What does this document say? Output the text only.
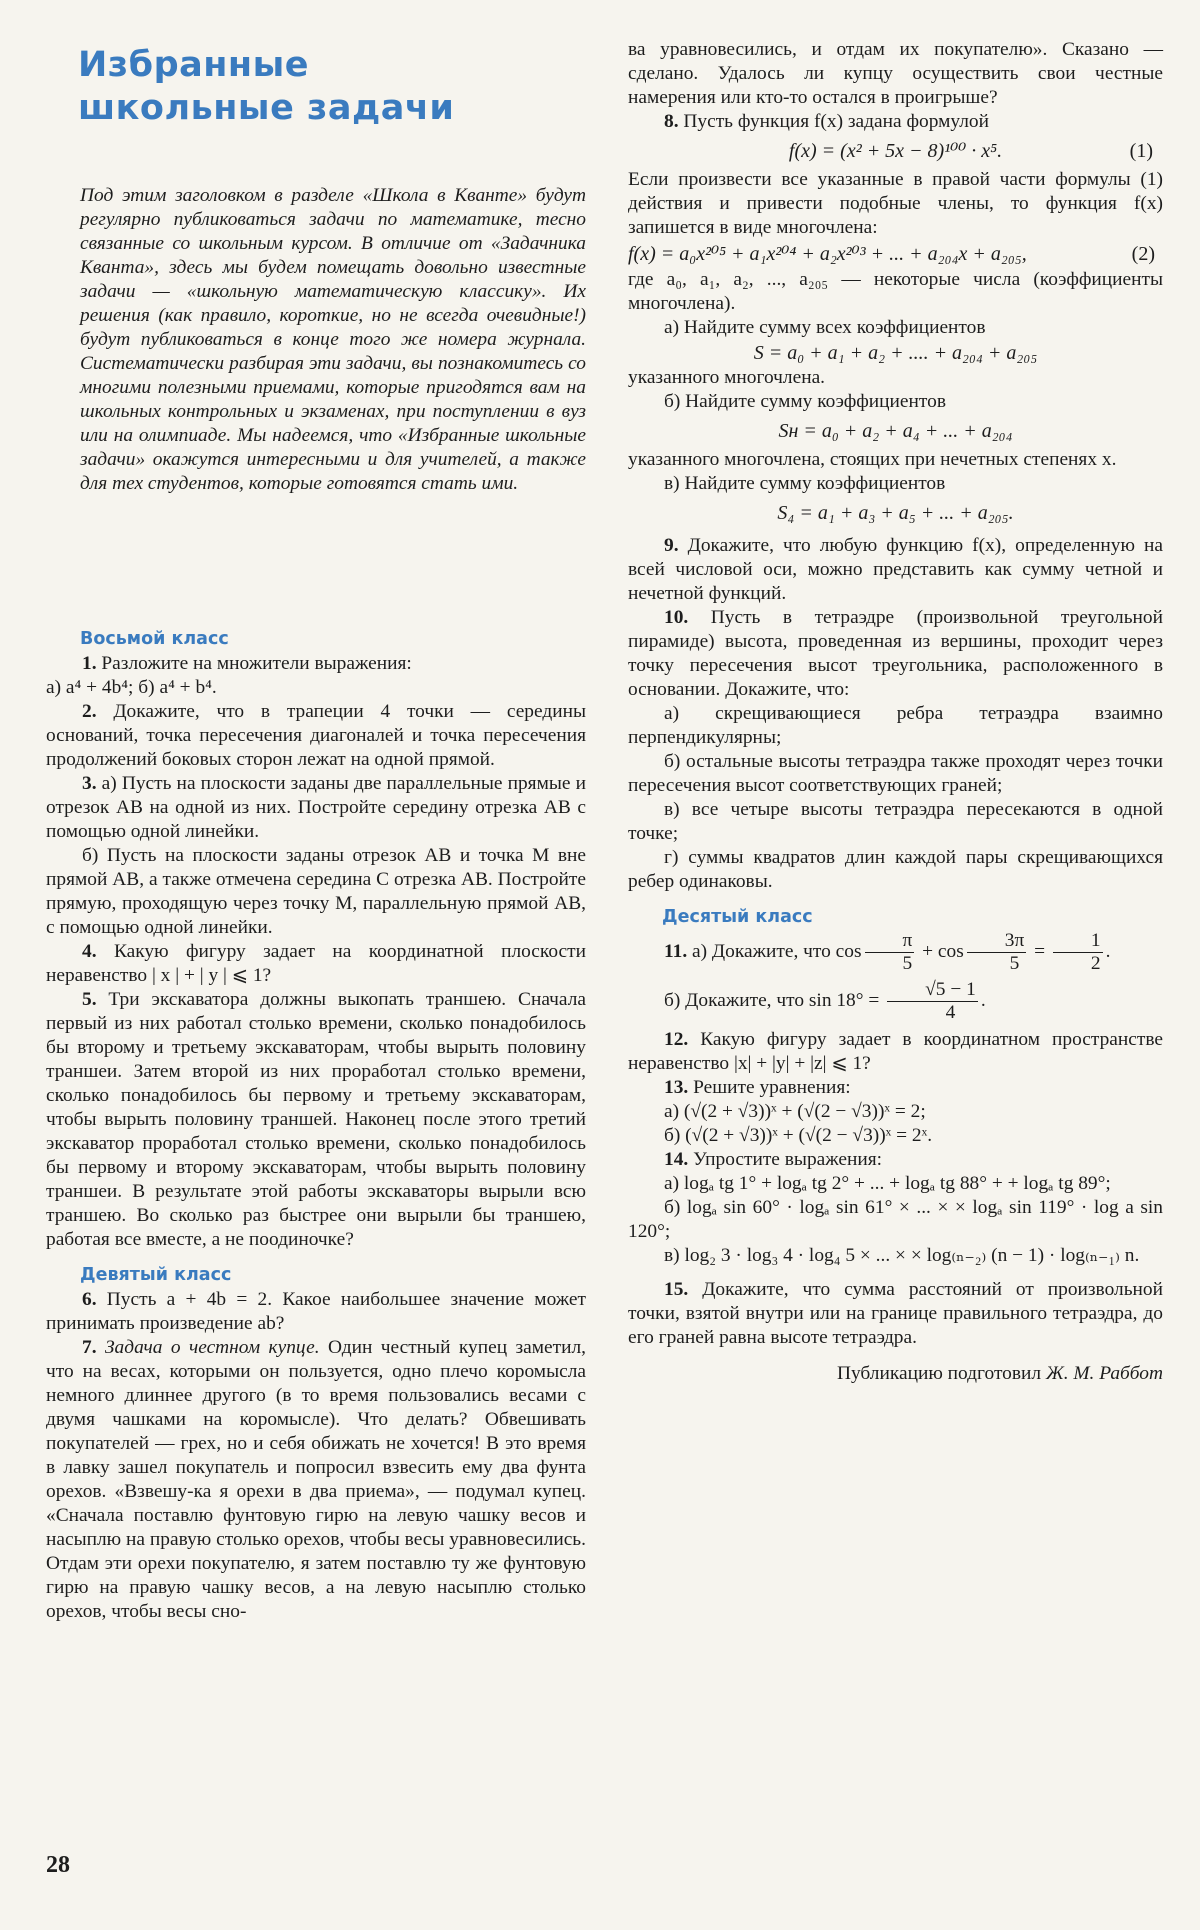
Избранные
школьные задачи

Под этим заголовком в разделе «Школа в Кванте» будут регулярно публиковаться задачи по математике, тесно связанные со школьным курсом. В отличие от «Задачника Кванта», здесь мы будем помещать довольно известные задачи — «школьную математическую классику». Их решения (как правило, короткие, но не всегда очевидные!) будут публиковаться в конце того же номера журнала. Систематически разбирая эти задачи, вы познакомитесь со многими полезными приемами, которые пригодятся вам на школьных контрольных и экзаменах, при поступлении в вуз или на олимпиаде. Мы надеемся, что «Избранные школьные задачи» окажутся интересными и для учителей, а также для тех студентов, которые готовятся стать ими.

Восьмой класс

1. Разложите на множители выражения:

а) a⁴ + 4b⁴; б) a⁴ + b⁴.

2. Докажите, что в трапеции 4 точки — середины оснований, точка пересечения диагоналей и точка пересечения продолжений боковых сторон лежат на одной прямой.

3. а) Пусть на плоскости заданы две параллельные прямые и отрезок AB на одной из них. Постройте середину отрезка AB с помощью одной линейки.

б) Пусть на плоскости заданы отрезок AB и точка M вне прямой AB, а также отмечена середина C отрезка AB. Постройте прямую, проходящую через точку M, параллельную прямой AB, с помощью одной линейки.

4. Какую фигуру задает на координатной плоскости неравенство | x | + | y | ⩽ 1?

5. Три экскаватора должны выкопать траншею. Сначала первый из них работал столько времени, сколько понадобилось бы второму и третьему экскаваторам, чтобы вырыть половину траншеи. Затем второй из них проработал столько времени, сколько понадобилось бы первому и третьему экскаваторам, чтобы вырыть половину траншей. Наконец после этого третий экскаватор проработал столько времени, сколько понадобилось бы первому и второму экскаваторам, чтобы вырыть половину траншеи. В результате этой работы экскаваторы вырыли всю траншею. Во сколько раз быстрее они вырыли бы траншею, работая все вместе, а не поодиночке?

Девятый класс

6. Пусть a + 4b = 2. Какое наибольшее значение может принимать произведение ab?

7. Задача о честном купце. Один честный купец заметил, что на весах, которыми он пользуется, одно плечо коромысла немного длиннее другого (в то время пользовались весами с двумя чашками на коромысле). Что делать? Обвешивать покупателей — грех, но и себя обижать не хочется! В это время в лавку зашел покупатель и попросил взвесить ему два фунта орехов. «Взвешу-ка я орехи в два приема», — подумал купец. «Сначала поставлю фунтовую гирю на левую чашку весов и насыплю на правую столько орехов, чтобы весы уравновесились. Отдам эти орехи покупателю, я затем поставлю ту же фунтовую гирю на правую чашку весов, а на левую насыплю столько орехов, чтобы весы сно-

ва уравновесились, и отдам их покупателю». Сказано — сделано. Удалось ли купцу осуществить свои честные намерения или кто-то остался в проигрыше?

8. Пусть функция f(x) задана формулой

f(x) = (x² + 5x − 8)¹⁰⁰ · x⁵.	(1)

Если произвести все указанные в правой части формулы (1) действия и привести подобные члены, то функция f(x) запишется в виде многочлена:

f(x) = a₀x²⁰⁵ + a₁x²⁰⁴ + a₂x²⁰³ + ... + a₂₀₄x + a₂₀₅,	(2)

где a₀, a₁, a₂, ..., a₂₀₅ — некоторые числа (коэффициенты многочлена).

а) Найдите сумму всех коэффициентов

S = a₀ + a₁ + a₂ + .... + a₂₀₄ + a₂₀₅

указанного многочлена.

б) Найдите сумму коэффициентов

Sн = a₀ + a₂ + a₄ + ... + a₂₀₄

указанного многочлена, стоящих при нечетных степенях x.

в) Найдите сумму коэффициентов

S₄ = a₁ + a₃ + a₅ + ... + a₂₀₅.

9. Докажите, что любую функцию f(x), определенную на всей числовой оси, можно представить как сумму четной и нечетной функций.

10. Пусть в тетраэдре (произвольной треугольной пирамиде) высота, проведенная из вершины, проходит через точку пересечения высот треугольника, расположенного в основании. Докажите, что:

а) скрещивающиеся ребра тетраэдра взаимно перпендикулярны;

б) остальные высоты тетраэдра также проходят через точки пересечения высот соответствующих граней;

в) все четыре высоты тетраэдра пересекаются в одной точке;

г) суммы квадратов длин каждой пары скрещивающихся ребер одинаковы.

Десятый класс

11. а) Докажите, что $\cos \frac{\pi}{5} + \cos \frac{3\pi}{5} = \frac{1}{2}$ .

б) Докажите, что $\sin 18^\circ = \frac{√5 - 1}{4}$ .

12. Какую фигуру задает в координатном пространстве неравенство |x| + |y| + |z| ⩽ 1?

13. Решите уравнения:

а) (√(2 + √3))ˣ + (√(2 − √3))ˣ = 2;

б) (√(2 + √3))ˣ + (√(2 − √3))ˣ = 2ˣ.

14. Упростите выражения:

а) logₐ tg 1° + logₐ tg 2° + ... + logₐ tg 88° + + logₐ tg 89°;

б) logₐ sin 60° · logₐ sin 61° × ... × × logₐ sin 119° · log a sin 120°;

в) log₂ 3 · log₃ 4 · log₄ 5 × ... × × log₍ₙ₋₂₎ (n − 1) · log₍ₙ₋₁₎ n.

15. Докажите, что сумма расстояний от произвольной точки, взятой внутри или на границе правильного тетраэдра, до его граней равна высоте тетраэдра.

Публикацию подготовил Ж. М. Раббот

28
